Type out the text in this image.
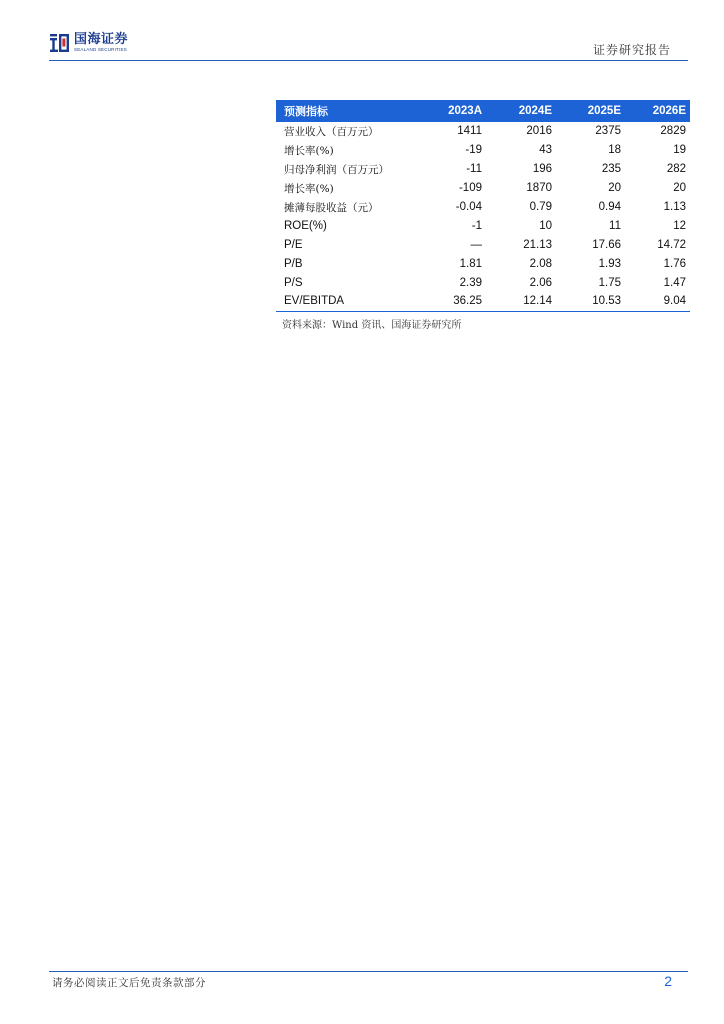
国海证券
SEALAND SECURITIES	证券研究报告
预测指标	2023A	2024E	2025E	2026E
营业收入（百万元）	1411	2016	2375	2829
增长率(%)	-19	43	18	19
归母净利润（百万元）	-11	196	235	282
增长率(%)	-109	1870	20	20
摊薄每股收益（元）	-0.04	0.79	0.94	1.13
ROE(%)	-1	10	11	12
P/E	—	21.13	17.66	14.72
P/B	1.81	2.08	1.93	1.76
P/S	2.39	2.06	1.75	1.47
EV/EBITDA	36.25	12.14	10.53	9.04
资料来源：Wind 资讯、国海证券研究所
请务必阅读正文后免责条款部分	2
